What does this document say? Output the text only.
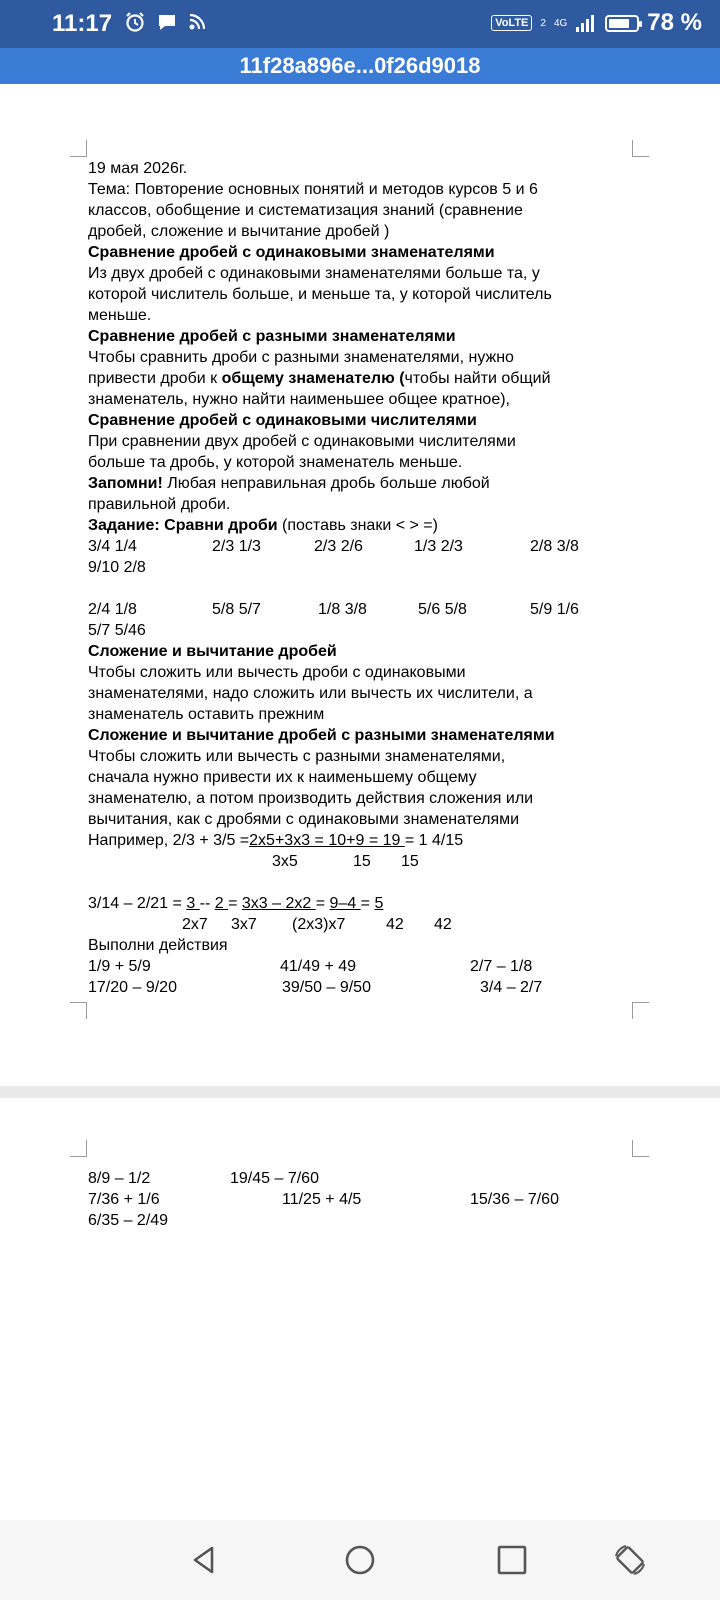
11:17	VoLTE	2 4G	78 %
11f28a896e...0f26d9018

19 мая 2026г.

Тема: Повторение основных понятий и методов курсов 5 и 6

классов, обобщение и систематизация знаний (сравнение

дробей, сложение и вычитание дробей )

Сравнение дробей с одинаковыми знаменателями

Из двух дробей с одинаковыми знаменателями больше та, у

которой числитель больше, и меньше та, у которой числитель

меньше.

Сравнение дробей с разными знаменателями

Чтобы сравнить дроби с разными знаменателями, нужно

привести дроби к общему знаменателю (чтобы найти общий

знаменатель, нужно найти наименьшее общее кратное),

Сравнение дробей с одинаковыми числителями

При сравнении двух дробей с одинаковыми числителями

больше та дробь, у которой знаменатель меньше.

Запомни! Любая неправильная дробь больше любой

правильной дроби.

Задание: Сравни дроби (поставь знаки < > =)

3/4 1/4	2/3 1/3	2/3 2/6	1/3 2/3	2/8 3/8

9/10 2/8

2/4 1/8	5/8 5/7	1/8 3/8	5/6 5/8	5/9 1/6

5/7 5/46

Сложение и вычитание дробей

Чтобы сложить или вычесть дроби с одинаковыми

знаменателями, надо сложить или вычесть их числители, а

знаменатель оставить прежним

Сложение и вычитание дробей с разными знаменателями

Чтобы сложить или вычесть с разными знаменателями,

сначала нужно привести их к наименьшему общему

знаменателю, а потом производить действия сложения или

вычитания, как с дробями с одинаковыми знаменателями

Например, 2/3 + 3/5 =2x5+3x3 = 10+9 = 19 = 1 4/15

3x5	15 15

3/14 – 2/21 = 3 -- 2 = 3x3 – 2x2 = 9–4 = 5

2x7 3x7 (2x3)x7	42 42

Выполни действия

1/9 + 5/9	41/49 + 49	2/7 – 1/8
17/20 – 9/20	39/50 – 9/50	3/4 – 2/7
8/9 – 1/2	19/45 – 7/60
7/36 + 1/6	11/25 + 4/5	15/36 – 7/60

6/35 – 2/49
